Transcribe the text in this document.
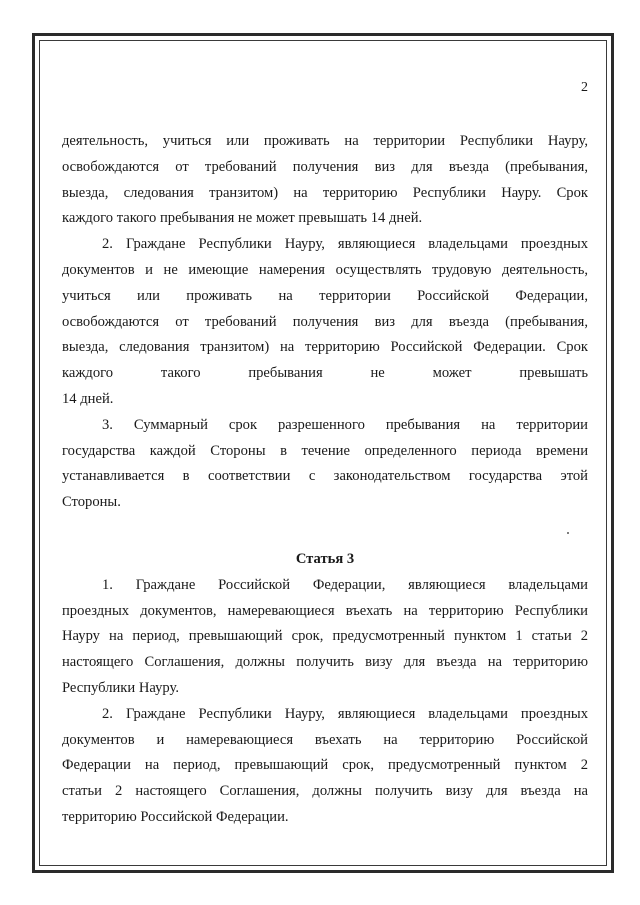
2
деятельность, учиться или проживать на территории Республики Науру,
освобождаются от требований получения виз для въезда (пребывания,
выезда, следования транзитом) на территорию Республики Науру. Срок
каждого такого пребывания не может превышать 14 дней.
2. Граждане Республики Науру, являющиеся владельцами проездных
документов и не имеющие намерения осуществлять трудовую деятельность,
учиться или проживать на территории Российской Федерации,
освобождаются от требований получения виз для въезда (пребывания,
выезда, следования транзитом) на территорию Российской Федерации. Срок
каждого такого пребывания не может превышать
14 дней.
3. Суммарный срок разрешенного пребывания на территории
государства каждой Стороны в течение определенного периода времени
устанавливается в соответствии с законодательством государства этой
Стороны.

Статья 3

1. Граждане Российской Федерации, являющиеся владельцами
проездных документов, намеревающиеся въехать на территорию Республики
Науру на период, превышающий срок, предусмотренный пунктом 1 статьи 2
настоящего Соглашения, должны получить визу для въезда на территорию
Республики Науру.
2. Граждане Республики Науру, являющиеся владельцами проездных
документов и намеревающиеся въехать на территорию Российской
Федерации на период, превышающий срок, предусмотренный пунктом 2
статьи 2 настоящего Соглашения, должны получить визу для въезда на
территорию Российской Федерации.
